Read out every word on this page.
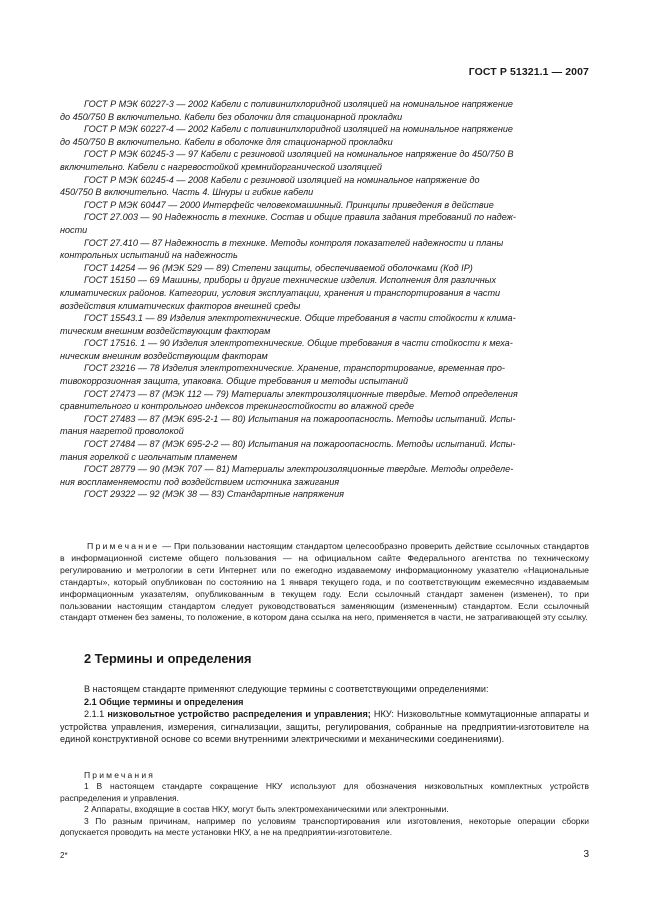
ГОСТ Р 51321.1 — 2007
ГОСТ Р МЭК 60227-3 — 2002 Кабели с поливинилхлоридной изоляцией на номинальное напряжение
до 450/750 В включительно. Кабели без оболочки для стационарной прокладки
ГОСТ Р МЭК 60227-4 — 2002 Кабели с поливинилхлоридной изоляцией на номинальное напряжение
до 450/750 В включительно. Кабели в оболочке для стационарной прокладки
ГОСТ Р МЭК 60245-3 — 97 Кабели с резиновой изоляцией на номинальное напряжение до 450/750 В
включительно. Кабели с нагревостойкой кремнийорганической изоляцией
ГОСТ Р МЭК 60245-4 — 2008 Кабели с резиновой изоляцией на номинальное напряжение до
450/750 В включительно. Часть 4. Шнуры и гибкие кабели
ГОСТ Р МЭК 60447 — 2000 Интерфейс человекомашинный. Принципы приведения в действие
ГОСТ 27.003 — 90 Надежность в технике. Состав и общие правила задания требований по надеж-
ности
ГОСТ 27.410 — 87 Надежность в технике. Методы контроля показателей надежности и планы
контрольных испытаний на надежность
ГОСТ 14254 — 96 (МЭК 529 — 89) Степени защиты, обеспечиваемой оболочками (Код IP)
ГОСТ 15150 — 69 Машины, приборы и другие технические изделия. Исполнения для различных
климатических районов. Категории, условия эксплуатации, хранения и транспортирования в части
воздействия климатических факторов внешней среды
ГОСТ 15543.1 — 89 Изделия электротехнические. Общие требования в части стойкости к клима-
тическим внешним воздействующим факторам
ГОСТ 17516. 1 — 90 Изделия электротехнические. Общие требования в части стойкости к меха-
ническим внешним воздействующим факторам
ГОСТ 23216 — 78 Изделия электротехнические. Хранение, транспортирование, временная про-
тивокоррозионная защита, упаковка. Общие требования и методы испытаний
ГОСТ 27473 — 87 (МЭК 112 — 79) Материалы электроизоляционные твердые. Метод определения
сравнительного и контрольного индексов трекингостойкости во влажной среде
ГОСТ 27483 — 87 (МЭК 695-2-1 — 80) Испытания на пожароопасность. Методы испытаний. Испы-
тания нагретой проволокой
ГОСТ 27484 — 87 (МЭК 695-2-2 — 80) Испытания на пожароопасность. Методы испытаний. Испы-
тания горелкой с игольчатым пламенем
ГОСТ 28779 — 90 (МЭК 707 — 81) Материалы электроизоляционные твердые. Методы определе-
ния воспламеняемости под воздействием источника зажигания
ГОСТ 29322 — 92 (МЭК 38 — 83) Стандартные напряжения
Примечание — При пользовании настоящим стандартом целесообразно проверить действие ссылочных стандартов в информационной системе общего пользования — на официальном сайте Федерального агентства по техническому регулированию и метрологии в сети Интернет или по ежегодно издаваемому информационному указателю «Национальные стандарты», который опубликован по состоянию на 1 января текущего года, и по соответствующим ежемесячно издаваемым информационным указателям, опубликованным в текущем году. Если ссылочный стандарт заменен (изменен), то при пользовании настоящим стандартом следует руководствоваться заменяющим (измененным) стандартом. Если ссылочный стандарт отменен без замены, то положение, в котором дана ссылка на него, применяется в части, не затрагивающей эту ссылку.
2 Термины и определения

В настоящем стандарте применяют следующие термины с соответствующими определениями:

2.1 Общие термины и определения

2.1.1 низковольтное устройство распределения и управления; НКУ: Низковольтные коммутационные аппараты и устройства управления, измерения, сигнализации, защиты, регулирования, собранные на предприятии-изготовителе на единой конструктивной основе со всеми внутренними электрическими и механическими соединениями).

Примечания

1 В настоящем стандарте сокращение НКУ используют для обозначения низковольтных комплектных устройств распределения и управления.

2 Аппараты, входящие в состав НКУ, могут быть электромеханическими или электронными.

3 По разным причинам, например по условиям транспортирования или изготовления, некоторые операции сборки допускается проводить на месте установки НКУ, а не на предприятии-изготовителе.

2*	3
